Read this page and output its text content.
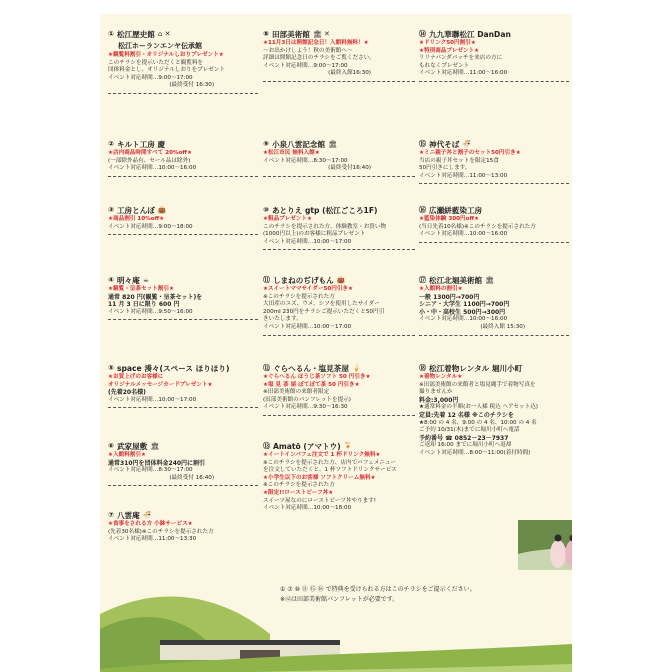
① 松江歴史館 ⌂ ✕
松江ホーランエンヤ伝承館
★観覧料割引・オリジナルしおりプレゼント★
このチラシを提示いただくと観覧料を
団体料金とし、オリジナルしおりをプレゼント
イベント対応時間…9:00～17:00
(最終受付 16:30)
② キルト工房 慶
★店内商品時間すべて 20%off★
(一部除外品有、セール品は除外)
イベント対応時間…10:00～16:00
③ 工房とんぼ 👜
★商品割引 10%off★
イベント対応時間…9:00～18:00
④ 明々庵 ☕
★観覧・呈茶セット割引★
通常 820 円(観覧・呈茶セット)を
11 月 3 日に限り 600 円
イベント対応時間…9:50～16:00
⑤ space 湊々(スペース ほりほり)
★お買上げのお客様に
オリジナルメッセージカードプレゼント★
(先着20名様)
イベント対応時間…10:00～17:00
⑥ 武家屋敷 🏛
★入館料割引★
通常310円を団体料金240円に割引
イベント対応時間…8:30～17:00
(最終受付 16:40)
⑦ 八雲庵 🍜
★食事をされる方 小鉢サービス★
(先着30名様)※このチラシを提示された方
イベント対応時間…11:00～13:30
⑧ 田部美術館 🏛 ✕
★11月3日は開館記念日！入館料無料！★
～お出かけしよう！秋の美術館へ～
詳細は開館記念日のチラシをご覧ください。
イベント対応時間…9:00～17:00
(最終入館16:30)
⑨ 小泉八雲記念館 🏛
★松江市民 無料入館★
イベント対応時間…8:30～17:00
(最終受付16:40)
⑩ あとりえ gtp (松江ごころ1F)
★粗品プレゼント★
このチラシを提示された方、体験教室・お買い物
(1000円以上)のお客様に粗品プレゼント
イベント対応時間…10:00～17:00
⑪ しまねのぢげもん 👜
★スイートママサイダー50円引き★
※このチラシを提示された方
大田産のユズ、ウメ、シソを使用したサイダー
200ml 230円をチラシご提示いただくと50円引
きいたします。
イベント対応時間…10:00～17:00
⑫ ぐらへるん・塩見茶屋 🍦
★ぐらへるん ほうじ茶ソフト 50 円引き★
★塩 見 茶 屋 ぼてぼて茶 50 円引き★
※田部美術館の来館者限定
(田部美術館のパンフレットを提示)
イベント対応時間…9:30～16:30
⑬ Amatō (アマトウ) 🍹
★イートインパフェ注文で 1 杯ドリンク無料★
※このチラシを提示された方、店内でパフェメニュー
を注文していただくと、1 杯ソフトドリンクサービス
★小学生以下のお客様 ソフトクリーム無料★
※このチラシを提示された方
★限定!!ローストビーフ丼★
スイーツ屋なのにローストビーフ丼やります!
イベント対応時間…10:00～18:00
⑭ 九九華聯松江 DanDan
★ドリンク50円割引★
★特別商品プレゼント★
リリナパンダパッチを来店の方に
もれなくプレゼント
イベント対応時間…11:00～16:00
⑮ 神代そば 🍜
★ミニ親子丼と割子のセット50円引き★
当店の親子丼セットを限定15食
50円引きにします。
イベント対応時間…11:00～13:00
⑯ 広瀬絣藍染工房
★藍染体験 300円off★
(当日先着10名様)※このチラシを提示された方
イベント対応時間…10:00～16:00
⑰ 松江北堀美術館 🏛
★入館料の割引★
一般 1300円→700円
シニア・大学生 1100円→700円
小・中・高校生 500円→300円
イベント対応時間…10:00～16:00
(最終入館 15:30)
⑱ 松江着物レンタル 堀川小町
★着物レンタル★
※田部美術館の来館者と塩見縄手で着物写真を
撮りませんか
料金:3,000円
★通常料金の半額(お一人様 税込 ヘアセット込)
定員:先着 12 名様 ※このチラシを
★8:00 の 4 名、9:00 の 4 名、10:00 の 4 名
ご予約 10/31(木)までに堀川小町へ電話
予約番号 ☎ 0852－23－7937
ご返却 16:00 までに堀川小町へ返却
イベント対応時間…8:00～11:00(着付時間)
① ⑦ ⑩ ⑪ ⑮ ⑯ で特典を受けられる方はこのチラシをご提示ください。
※⑫は田部美術館パンフレットが必要です。
